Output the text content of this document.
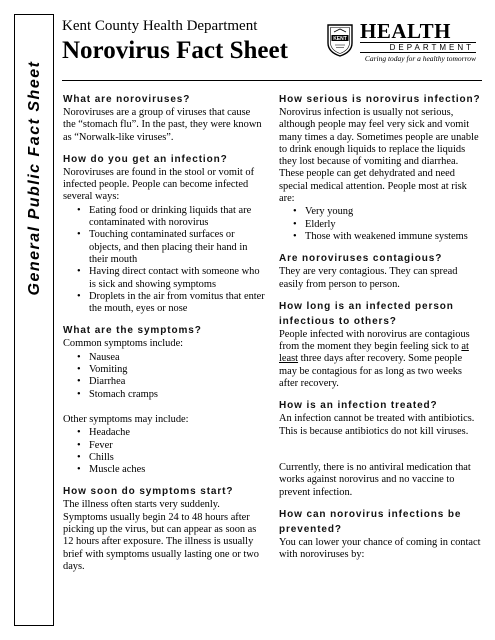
General Public Fact Sheet
Kent County Health Department
Norovirus Fact Sheet	KENT HEALTH
DEPARTMENT
Caring today for a healthy tomorrow
What are noroviruses?

Noroviruses are a group of viruses that cause the “stomach flu”. In the past, they were known as “Norwalk-like viruses”.

How do you get an infection?

Noroviruses are found in the stool or vomit of infected people. People can become infected several ways:

• Eating food or drinking liquids that are contaminated with norovirus
• Touching contaminated surfaces or objects, and then placing their hand in their mouth
• Having direct contact with someone who is sick and showing symptoms
• Droplets in the air from vomitus that enter the mouth, eyes or nose
What are the symptoms?

Common symptoms include:

• Nausea
• Vomiting
• Diarrhea
• Stomach cramps

Other symptoms may include:

• Headache
• Fever
• Chills
• Muscle aches
How soon do symptoms start?

The illness often starts very suddenly. Symptoms usually begin 24 to 48 hours after picking up the virus, but can appear as soon as 12 hours after exposure. The illness is usually brief with symptoms usually lasting one or two days.

How serious is norovirus infection?

Norovirus infection is usually not serious, although people may feel very sick and vomit many times a day. Sometimes people are unable to drink enough liquids to replace the liquids they lost because of vomiting and diarrhea. These people can get dehydrated and need special medical attention. People most at risk are:

• Very young
• Elderly
• Those with weakened immune systems
Are noroviruses contagious?

They are very contagious. They can spread easily from person to person.

How long is an infected person infectious to others?

People infected with norovirus are contagious from the moment they begin feeling sick to at least three days after recovery. Some people may be contagious for as long as two weeks after recovery.

How is an infection treated?

An infection cannot be treated with antibiotics. This is because antibiotics do not kill viruses.

Currently, there is no antiviral medication that works against norovirus and no vaccine to prevent infection.

How can norovirus infections be prevented?

You can lower your chance of coming in contact with noroviruses by:
